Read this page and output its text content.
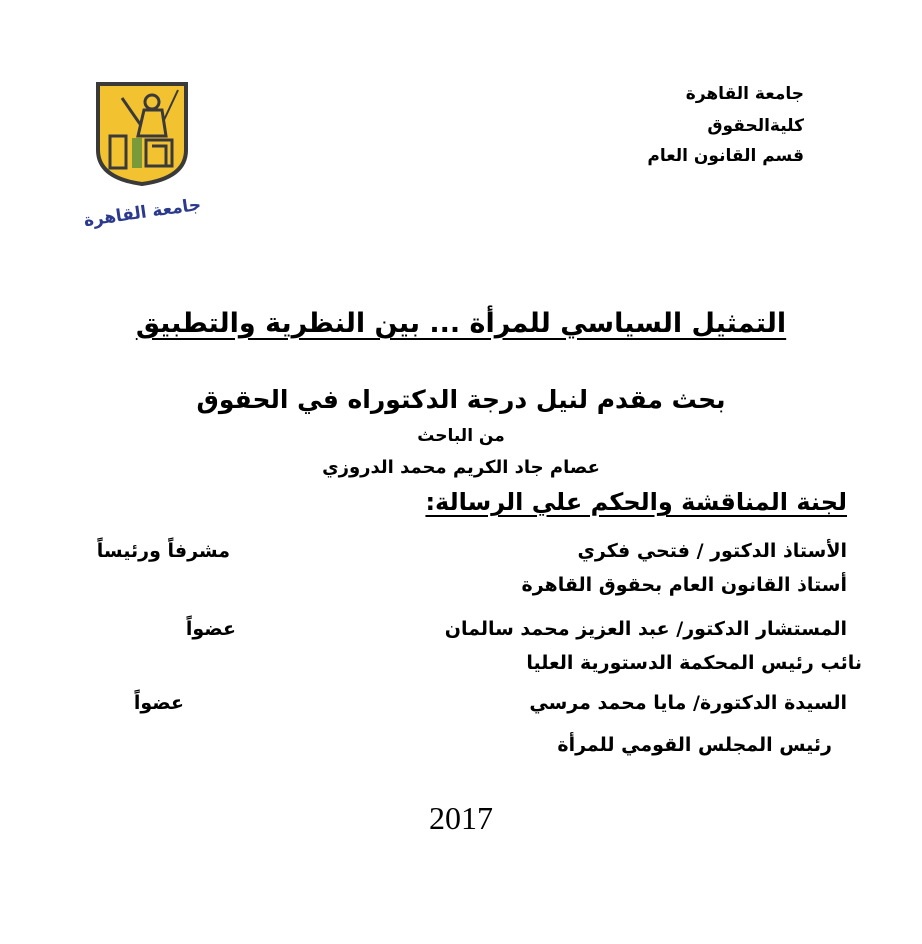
جامعة القاهرة
جامعة القاهرة
كليةالحقوق
قسم القانون العام
التمثيل السياسي للمرأة ... بين النظرية والتطبيق
بحث مقدم لنيل درجة الدكتوراه في الحقوق
من الباحث
عصام جاد الكريم محمد الدروزي
لجنة المناقشة والحكم علي الرسالة:
الأستاذ الدكتور / فتحي فكري
مشرفاً ورئيساً
أستاذ القانون العام بحقوق القاهرة
المستشار الدكتور/ عبد العزيز محمد سالمان
عضواً
نائب رئيس المحكمة الدستورية العليا
السيدة الدكتورة/ مايا محمد مرسي
عضواً
رئيس المجلس القومي للمرأة
2017
